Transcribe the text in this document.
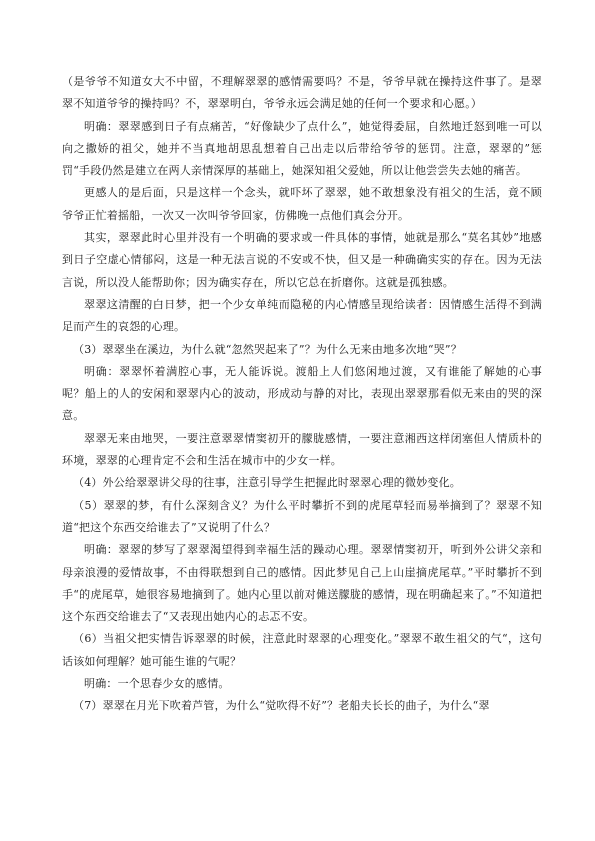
（是爷爷不知道女大不中留，不理解翠翠的感情需要吗？不是，爷爷早就在操持这件事了。是翠翠不知道爷爷的操持吗？不，翠翠明白，爷爷永远会满足她的任何一个要求和心愿。）

明确：翠翠感到日子有点痛苦，“好像缺少了点什么”，她觉得委屈，自然地迁怒到唯一可以向之撒娇的祖父，她并不当真地胡思乱想着自己出走以后带给爷爷的惩罚。注意，翠翠的”惩罚“手段仍然是建立在两人亲情深厚的基础上，她深知祖父爱她，所以让他尝尝失去她的痛苦。

更感人的是后面，只是这样一个念头，就吓坏了翠翠，她不敢想象没有祖父的生活，竟不顾爷爷正忙着摇船，一次又一次叫爷爷回家，仿佛晚一点他们真会分开。

其实，翠翠此时心里并没有一个明确的要求或一件具体的事情，她就是那么“莫名其妙”地感到日子空虚心情郁闷，这是一种无法言说的不安或不快，但又是一种确确实实的存在。因为无法言说，所以没人能帮助你；因为确实存在，所以它总在折磨你。这就是孤独感。

翠翠这清醒的白日梦，把一个少女单纯而隐秘的内心情感呈现给读者：因情感生活得不到满足而产生的哀怨的心理。

（3）翠翠坐在溪边，为什么就“忽然哭起来了”？为什么无来由地多次地“哭”？

明确：翠翠怀着满腔心事，无人能诉说。渡船上人们悠闲地过渡，又有谁能了解她的心事呢？船上的人的安闲和翠翠内心的波动，形成动与静的对比，表现出翠翠那看似无来由的哭的深意。

翠翠无来由地哭，一要注意翠翠情窦初开的朦胧感情，一要注意湘西这样闭塞但人情质朴的环境，翠翠的心理肯定不会和生活在城市中的少女一样。

（4）外公给翠翠讲父母的往事，注意引导学生把握此时翠翠心理的微妙变化。

（5）翠翠的梦，有什么深刻含义？为什么平时攀折不到的虎尾草轻而易举摘到了？翠翠不知道“把这个东西交给谁去了”又说明了什么？

明确：翠翠的梦写了翠翠渴望得到幸福生活的躁动心理。翠翠情窦初开，听到外公讲父亲和母亲浪漫的爱情故事，不由得联想到自己的感情。因此梦见自己上山崖摘虎尾草。”平时攀折不到手“的虎尾草，她很容易地摘到了。她内心里以前对傩送朦胧的感情，现在明确起来了。”不知道把这个东西交给谁去了“又表现出她内心的忐忑不安。

（6）当祖父把实情告诉翠翠的时候，注意此时翠翠的心理变化。”翠翠不敢生祖父的气“，这句话该如何理解？她可能生谁的气呢？

明确：一个思春少女的感情。

（7）翠翠在月光下吹着芦管，为什么“觉吹得不好”？老船夫长长的曲子，为什么“翠
